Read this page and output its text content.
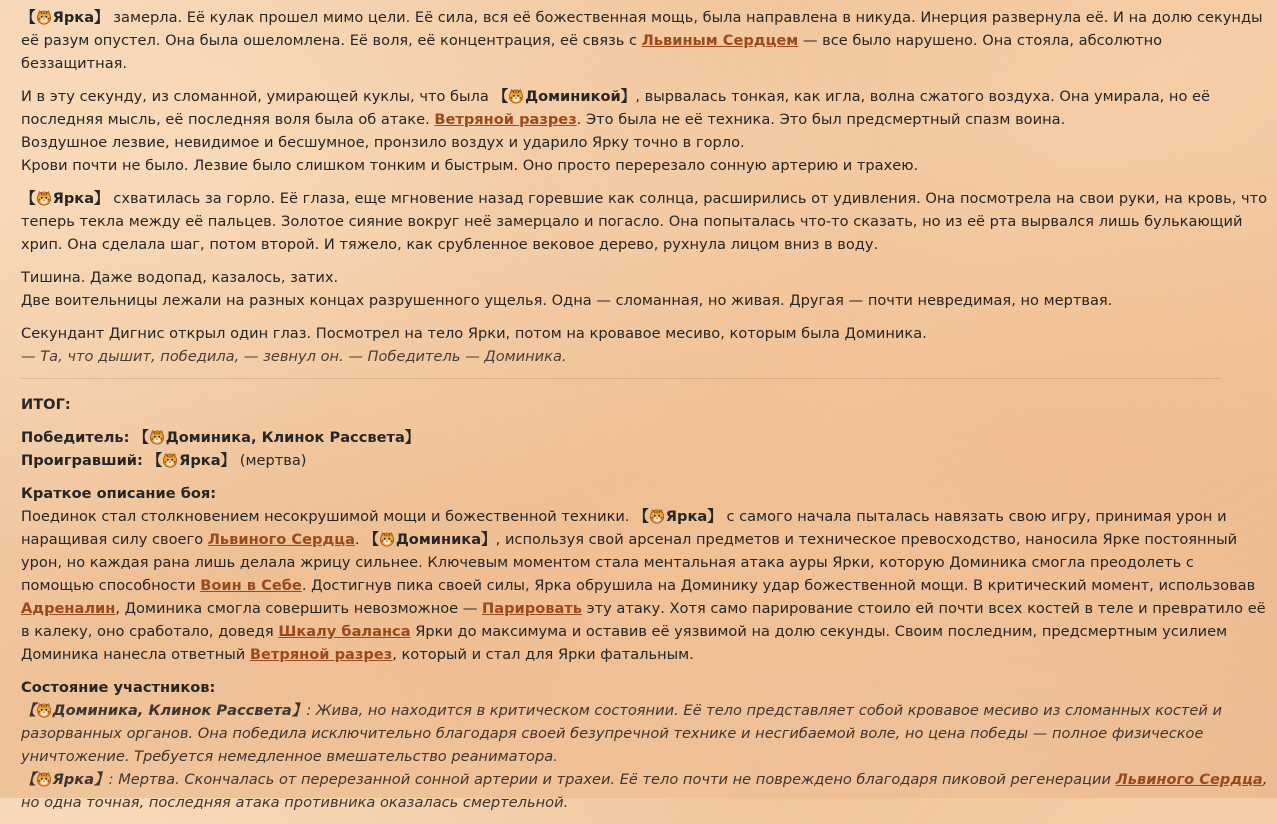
【 Ярка】 замерла. Её кулак прошел мимо цели. Её сила, вся её божественная мощь, была направлена в никуда. Инерция развернула её. И на долю секунды её разум опустел. Она была ошеломлена. Её воля, её концентрация, её связь с Львиным Сердцем — все было нарушено. Она стояла, абсолютно беззащитная.

И в эту секунду, из сломанной, умирающей куклы, что была 【 Доминикой】, вырвалась тонкая, как игла, волна сжатого воздуха. Она умирала, но её последняя мысль, её последняя воля была об атаке. Ветряной разрез. Это была не её техника. Это был предсмертный спазм воина.
Воздушное лезвие, невидимое и бесшумное, пронзило воздух и ударило Ярку точно в горло.
Крови почти не было. Лезвие было слишком тонким и быстрым. Оно просто перерезало сонную артерию и трахею.

【 Ярка】 схватилась за горло. Её глаза, еще мгновение назад горевшие как солнца, расширились от удивления. Она посмотрела на свои руки, на кровь, что теперь текла между её пальцев. Золотое сияние вокруг неё замерцало и погасло. Она попыталась что-то сказать, но из её рта вырвался лишь булькающий хрип. Она сделала шаг, потом второй. И тяжело, как срубленное вековое дерево, рухнула лицом вниз в воду.

Тишина. Даже водопад, казалось, затих.
Две воительницы лежали на разных концах разрушенного ущелья. Одна — сломанная, но живая. Другая — почти невредимая, но мертвая.

Секундант Дигнис открыл один глаз. Посмотрел на тело Ярки, потом на кровавое месиво, которым была Доминика.
— Та, что дышит, победила, — зевнул он. — Победитель — Доминика.

ИТОГ:

Победитель: 【 Доминика, Клинок Рассвета】
Проигравший: 【 Ярка】 (мертва)

Краткое описание боя:
Поединок стал столкновением несокрушимой мощи и божественной техники. 【 Ярка】 с самого начала пыталась навязать свою игру, принимая урон и наращивая силу своего Львиного Сердца. 【 Доминика】, используя свой арсенал предметов и техническое превосходство, наносила Ярке постоянный урон, но каждая рана лишь делала жрицу сильнее. Ключевым моментом стала ментальная атака ауры Ярки, которую Доминика смогла преодолеть с помощью способности Воин в Себе. Достигнув пика своей силы, Ярка обрушила на Доминику удар божественной мощи. В критический момент, использовав Адреналин, Доминика смогла совершить невозможное — Парировать эту атаку. Хотя само парирование стоило ей почти всех костей в теле и превратило её в калеку, оно сработало, доведя Шкалу баланса Ярки до максимума и оставив её уязвимой на долю секунды. Своим последним, предсмертным усилием Доминика нанесла ответный Ветряной разрез, который и стал для Ярки фатальным.

Состояние участников:
【 Доминика, Клинок Рассвета】: Жива, но находится в критическом состоянии. Её тело представляет собой кровавое месиво из сломанных костей и разорванных органов. Она победила исключительно благодаря своей безупречной технике и несгибаемой воле, но цена победы — полное физическое уничтожение. Требуется немедленное вмешательство реаниматора.
【 Ярка】: Мертва. Скончалась от перерезанной сонной артерии и трахеи. Её тело почти не повреждено благодаря пиковой регенерации Львиного Сердца, но одна точная, последняя атака противника оказалась смертельной.
